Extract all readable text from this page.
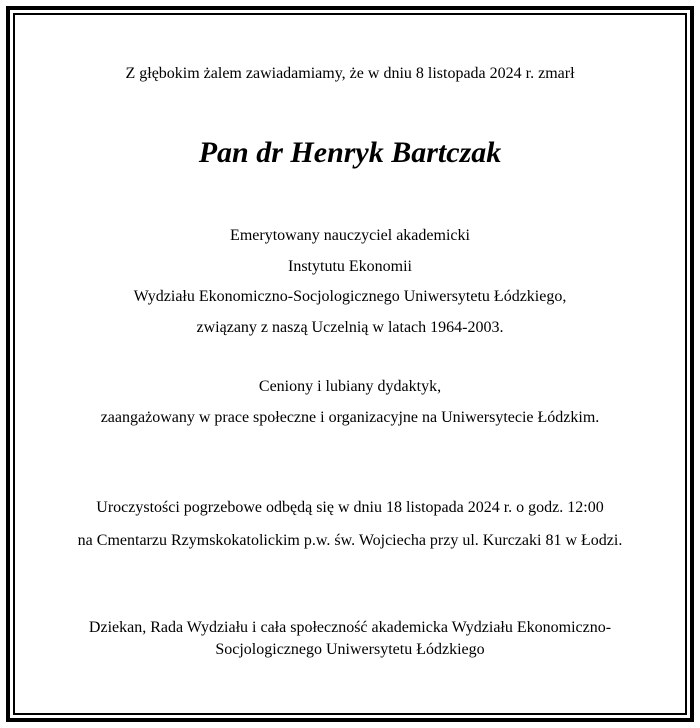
Z głębokim żalem zawiadamiamy, że w dniu 8 listopada 2024 r. zmarł
Pan dr Henryk Bartczak
Emerytowany nauczyciel akademicki
Instytutu Ekonomii
Wydziału Ekonomiczno-Socjologicznego Uniwersytetu Łódzkiego,
związany z naszą Uczelnią w latach 1964-2003.
Ceniony i lubiany dydaktyk,
zaangażowany w prace społeczne i organizacyjne na Uniwersytecie Łódzkim.
Uroczystości pogrzebowe odbędą się w dniu 18 listopada 2024 r. o godz. 12:00
na Cmentarzu Rzymskokatolickim p.w. św. Wojciecha przy ul. Kurczaki 81 w Łodzi.
Dziekan, Rada Wydziału i cała społeczność akademicka Wydziału Ekonomiczno-
Socjologicznego Uniwersytetu Łódzkiego
